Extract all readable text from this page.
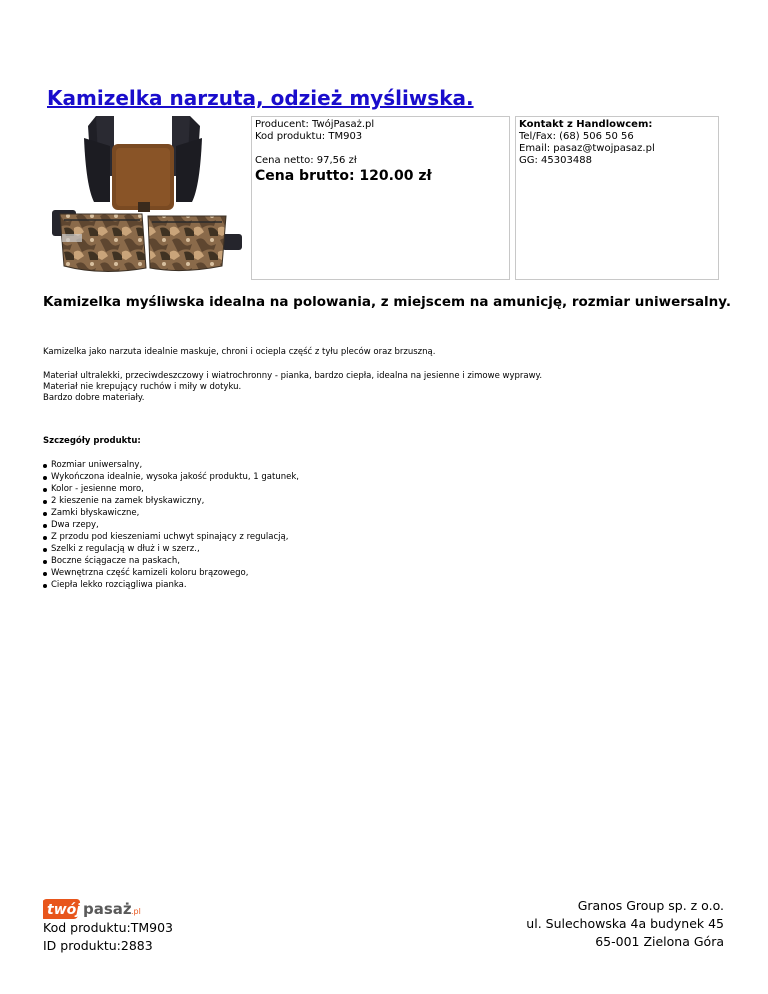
Kamizelka narzuta, odzież myśliwska.
Producent: TwójPasaż.pl
Kod produktu: TM903
Cena netto: 97,56 zł
Cena brutto: 120.00 zł
Kontakt z Handlowcem:
Tel/Fax: (68) 506 50 56
Email: pasaz@twojpasaz.pl
GG: 45303488
Kamizelka myśliwska idealna na polowania, z miejscem na amunicję, rozmiar uniwersalny.
Kamizelka jako narzuta idealnie maskuje, chroni i ociepla część z tyłu pleców oraz brzuszną.
Materiał ultralekki, przeciwdeszczowy i wiatrochronny - pianka, bardzo ciepła, idealna na jesienne i zimowe wyprawy.
Materiał nie krepujący ruchów i miły w dotyku.
Bardzo dobre materiały.
Szczegóły produktu:
Rozmiar uniwersalny,
Wykończona idealnie, wysoka jakość produktu, 1 gatunek,
Kolor - jesienne moro,
2 kieszenie na zamek błyskawiczny,
Zamki błyskawiczne,
Dwa rzepy,
Z przodu pod kieszeniami uchwyt spinający z regulacją,
Szelki z regulacją w dłuż i w szerz.,
Boczne ściągacze na paskach,
Wewnętrzna część kamizeli koloru brązowego,
Ciepła lekko rozciągliwa pianka.
twój pasaż .pl
Kod produktu:TM903
ID produktu:2883
Granos Group sp. z o.o.
ul. Sulechowska 4a budynek 45
65-001 Zielona Góra
